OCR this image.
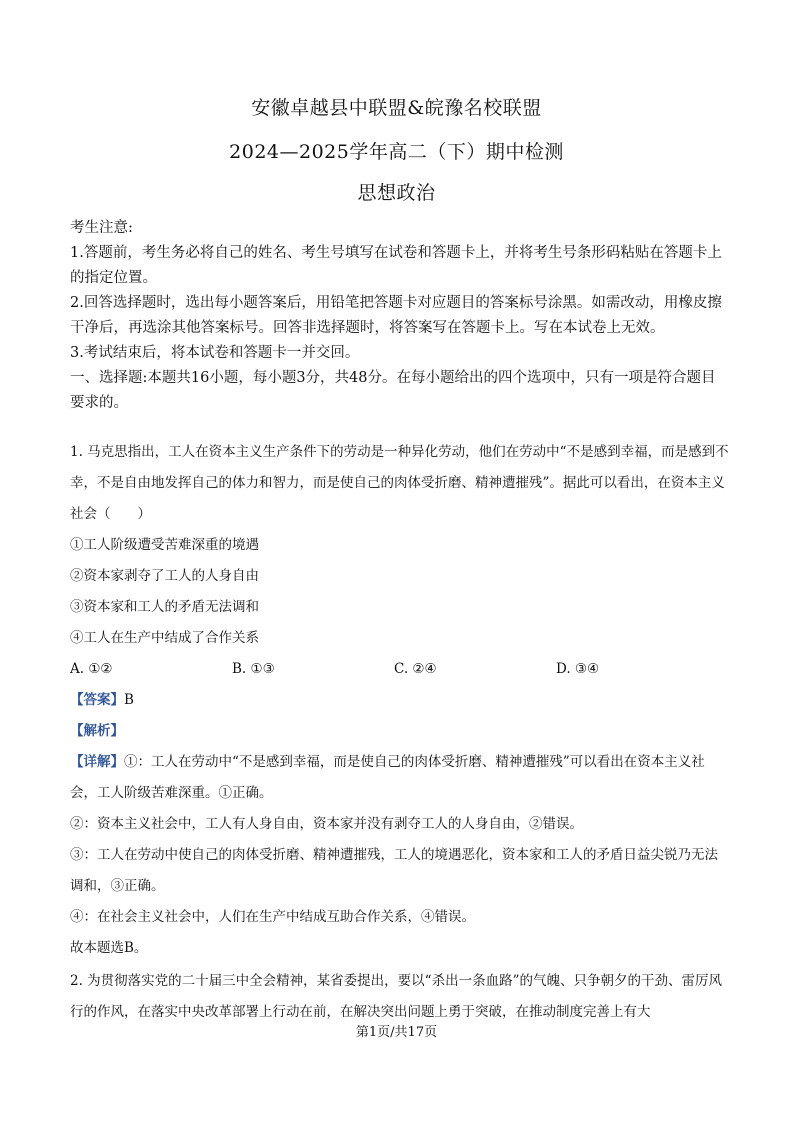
安徽卓越县中联盟&皖豫名校联盟
2024—2025学年高二（下）期中检测
思想政治

考生注意:

1.答题前，考生务必将自己的姓名、考生号填写在试卷和答题卡上，并将考生号条形码粘贴在答题卡上的指定位置。

2.回答选择题时，选出每小题答案后，用铅笔把答题卡对应题目的答案标号涂黑。如需改动，用橡皮擦干净后，再选涂其他答案标号。回答非选择题时，将答案写在答题卡上。写在本试卷上无效。

3.考试结束后，将本试卷和答题卡一并交回。

一、选择题:本题共16小题，每小题3分，共48分。在每小题给出的四个选项中，只有一项是符合题目要求的。

1. 马克思指出，工人在资本主义生产条件下的劳动是一种异化劳动，他们在劳动中“不是感到幸福，而是感到不幸，不是自由地发挥自己的体力和智力，而是使自己的肉体受折磨、精神遭摧残”。据此可以看出，在资本主义社会（　　）

①工人阶级遭受苦难深重的境遇

②资本家剥夺了工人的人身自由

③资本家和工人的矛盾无法调和

④工人在生产中结成了合作关系

A. ①②	B. ①③	C. ②④	D. ③④

【答案】B

【解析】

【详解】①：工人在劳动中“不是感到幸福，而是使自己的肉体受折磨、精神遭摧残”可以看出在资本主义社会，工人阶级苦难深重。①正确。

②：资本主义社会中，工人有人身自由，资本家并没有剥夺工人的人身自由，②错误。

③：工人在劳动中使自己的肉体受折磨、精神遭摧残，工人的境遇恶化，资本家和工人的矛盾日益尖锐乃无法调和，③正确。

④：在社会主义社会中，人们在生产中结成互助合作关系，④错误。

故本题选B。

2. 为贯彻落实党的二十届三中全会精神，某省委提出，要以“杀出一条血路”的气魄、只争朝夕的干劲、雷厉风行的作风，在落实中央改革部署上行动在前，在解决突出问题上勇于突破，在推动制度完善上有大

第1页/共17页
